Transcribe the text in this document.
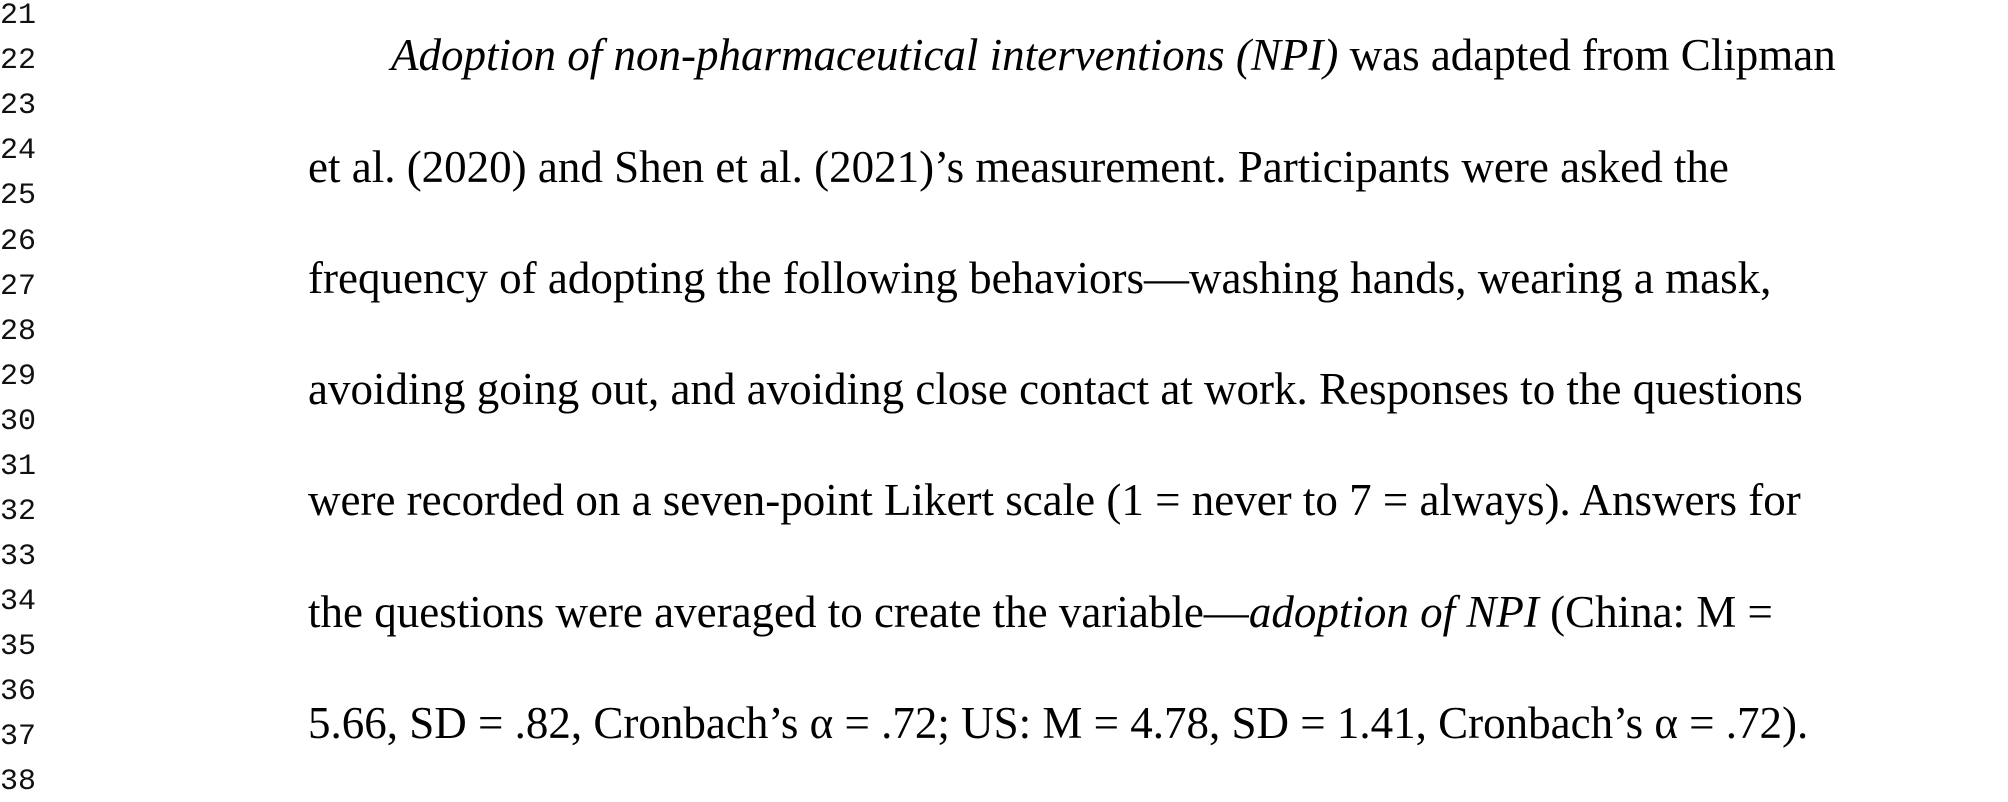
21
22
23
24
25
26
27
28
29
30
31
32
33
34
35
36
37
38
Adoption of non-pharmaceutical interventions (NPI) was adapted from Clipman
et al. (2020) and Shen et al. (2021)’s measurement. Participants were asked the
frequency of adopting the following behaviors—washing hands, wearing a mask,
avoiding going out, and avoiding close contact at work. Responses to the questions
were recorded on a seven-point Likert scale (1 = never to 7 = always). Answers for
the questions were averaged to create the variable—adoption of NPI (China: M =
5.66, SD = .82, Cronbach’s α = .72; US: M = 4.78, SD = 1.41, Cronbach’s α = .72).
